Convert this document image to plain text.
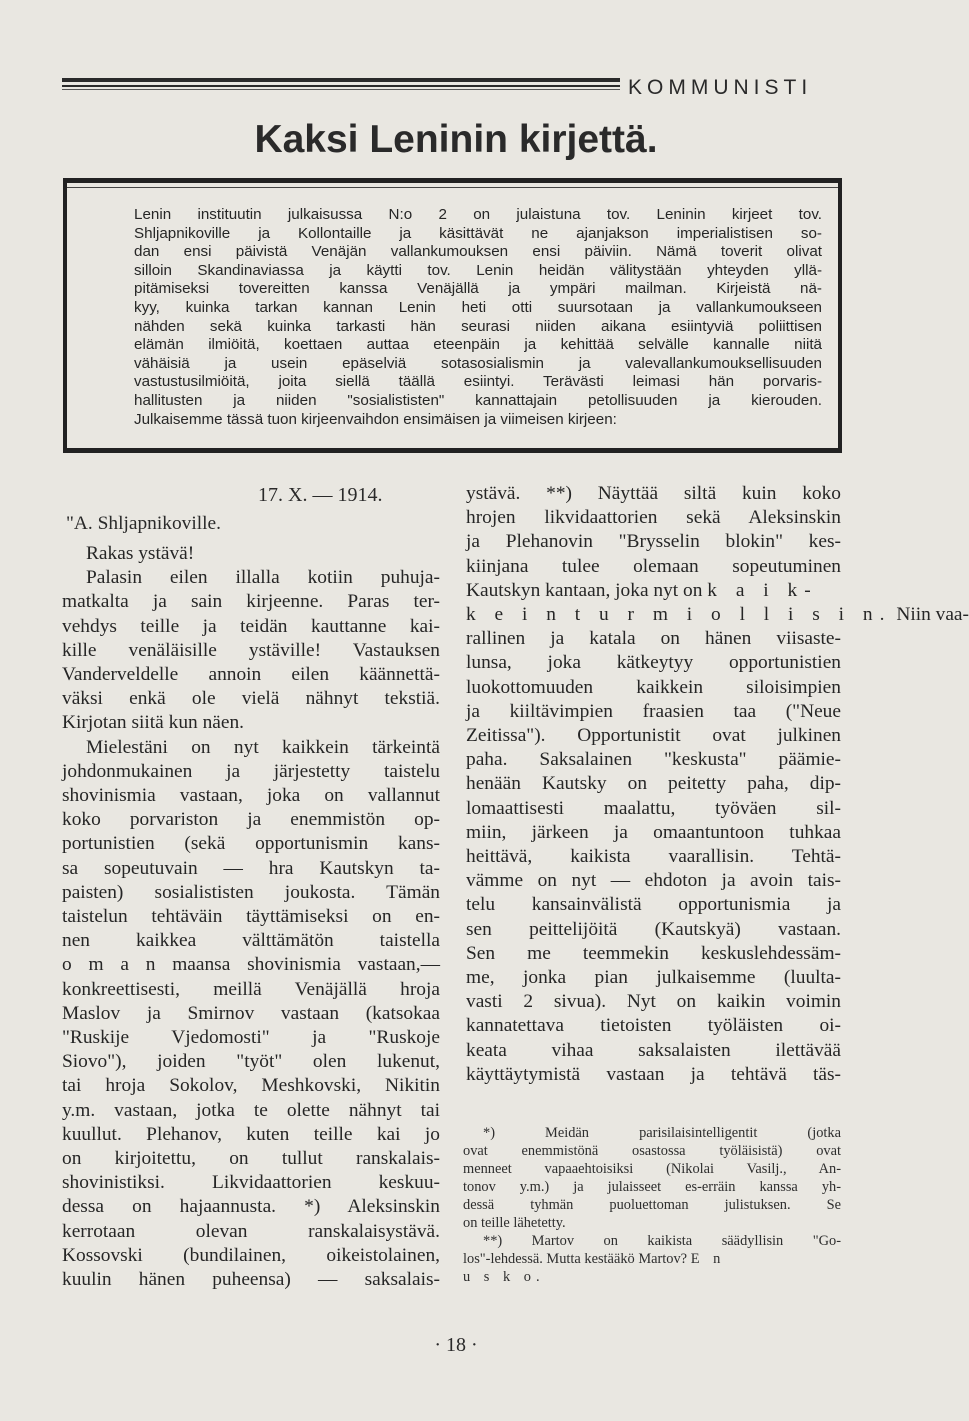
KOMMUNISTI
Kaksi Leninin kirjettä.
Lenin instituutin julkaisussa N:o 2 on julaistuna tov. Leninin kirjeet tov.
Shljapnikoville ja Kollontaille ja käsittävät ne ajanjakson imperialistisen so-
dan ensi päivistä Venäjän vallankumouksen ensi päiviin. Nämä toverit olivat
silloin Skandinaviassa ja käytti tov. Lenin heidän välitystään yhteyden yllä-
pitämiseksi tovereitten kanssa Venäjällä ja ympäri mailman. Kirjeistä nä-
kyy, kuinka tarkan kannan Lenin heti otti suursotaan ja vallankumoukseen
nähden sekä kuinka tarkasti hän seurasi niiden aikana esiintyviä poliittisen
elämän ilmiöitä, koettaen auttaa eteenpäin ja kehittää selvälle kannalle niitä
vähäisiä ja usein epäselviä sotasosialismin ja valevallankumouksellisuuden
vastustusilmiöitä, joita siellä täällä esiintyi. Terävästi leimasi hän porvaris-
hallitusten ja niiden "sosialististen" kannattajain petollisuuden ja kierouden.
Julkaisemme tässä tuon kirjeenvaihdon ensimäisen ja viimeisen kirjeen:
17. X. — 1914.
"A. Shljapnikoville.
Rakas ystävä!
Palasin eilen illalla kotiin puhuja-
matkalta ja sain kirjeenne. Paras ter-
vehdys teille ja teidän kauttanne kai-
kille venäläisille ystäville! Vastauksen
Vanderveldelle annoin eilen käännettä-
väksi enkä ole vielä nähnyt tekstiä.
Kirjotan siitä kun näen.
Mielestäni on nyt kaikkein tärkeintä
johdonmukainen ja järjestetty taistelu
shovinismia vastaan, joka on vallannut
koko porvariston ja enemmistön op-
portunistien (sekä opportunismin kans-
sa sopeutuvain — hra Kautskyn ta-
paisten) sosialististen joukosta. Tämän
taistelun tehtäväin täyttämiseksi on en-
nen kaikkea välttämätön taistella
o m a n maansa shovinismia vastaan,—
konkreettisesti, meillä Venäjällä hroja
Maslov ja Smirnov vastaan (katsokaa
"Ruskije Vjedomosti" ja "Ruskoje
Siovo"), joiden "työt" olen lukenut,
tai hroja Sokolov, Meshkovski, Nikitin
y.m. vastaan, jotka te olette nähnyt tai
kuullut. Plehanov, kuten teille kai jo
on kirjoitettu, on tullut ranskalais-
shovinistiksi. Likvidaattorien keskuu-
dessa on hajaannusta. *) Aleksinskin
kerrotaan olevan ranskalaisystävä.
Kossovski (bundilainen, oikeistolainen,
kuulin hänen puheensa) — saksalais-
ystävä. **) Näyttää siltä kuin koko
hrojen likvidaattorien sekä Aleksinskin
ja Plehanovin "Brysselin blokin" kes-
kiinjana tulee olemaan sopeutuminen
Kautskyn kantaan, joka nyt on k a i k-
k e i n t u r m i o l l i s i n. Niin vaa-
rallinen ja katala on hänen viisaste-
lunsa, joka kätkeytyy opportunistien
luokottomuuden kaikkein siloisimpien
ja kiiltävimpien fraasien taa ("Neue
Zeitissa"). Opportunistit ovat julkinen
paha. Saksalainen "keskusta" päämie-
henään Kautsky on peitetty paha, dip-
lomaattisesti maalattu, työväen sil-
miin, järkeen ja omaantuntoon tuhkaa
heittävä, kaikista vaarallisin. Tehtä-
vämme on nyt — ehdoton ja avoin tais-
telu kansainvälistä opportunismia ja
sen peittelijöitä (Kautskyä) vastaan.
Sen me teemmekin keskuslehdessäm-
me, jonka pian julkaisemme (luulta-
vasti 2 sivua). Nyt on kaikin voimin
kannatettava tietoisten työläisten oi-
keata vihaa saksalaisten ilettävää
käyttäytymistä vastaan ja tehtävä täs-
*) Meidän parisilaisintelligentit (jotka
ovat enemmistönä osastossa työläisistä) ovat
menneet vapaaehtoisiksi (Nikolai Vasilj., An-
tonov y.m.) ja julaisseet es-erräin kanssa yh-
dessä tyhmän puoluettoman julistuksen. Se
on teille lähetetty.
**) Martov on kaikista säädyllisin "Go-
los"-lehdessä. Mutta kestääkö Martov? E n
u s k o.
· 18 ·
